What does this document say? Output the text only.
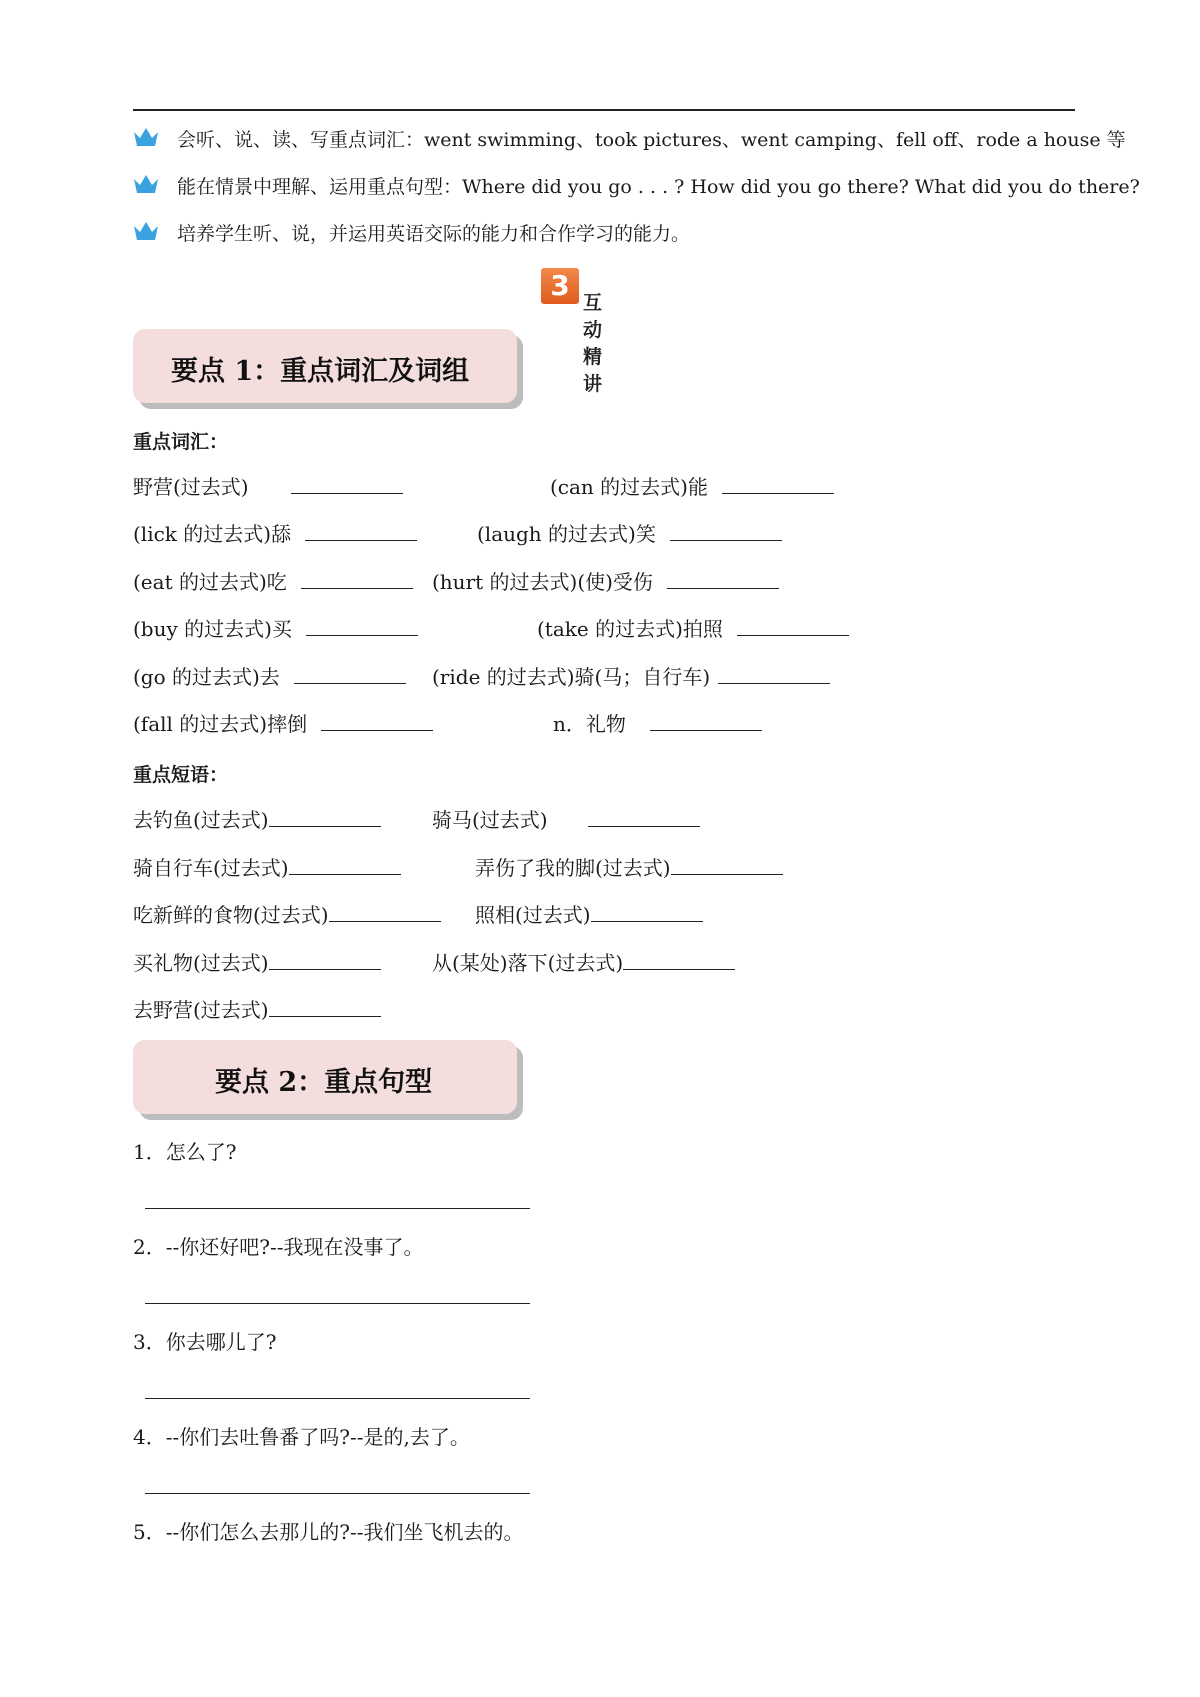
会听、说、读、写重点词汇：went swimming、took pictures、went camping、fell off、rode a house 等
能在情景中理解、运用重点句型：Where did you go . . . ? How did you go there? What did you do there?
培养学生听、说，并运用英语交际的能力和合作学习的能力。
3
互动精讲
要点 1：重点词汇及词组
重点词汇：
野营(过去式)	(can 的过去式)能
(lick 的过去式)舔	(laugh 的过去式)笑
(eat 的过去式)吃	(hurt 的过去式)(使)受伤
(buy 的过去式)买	(take 的过去式)拍照
(go 的过去式)去	(ride 的过去式)骑(马；自行车)
(fall 的过去式)摔倒	n．礼物
重点短语：
去钓鱼(过去式)	骑马(过去式)
骑自行车(过去式)	弄伤了我的脚(过去式)
吃新鲜的食物(过去式)	照相(过去式)
买礼物(过去式)	从(某处)落下(过去式)
去野营(过去式)
要点 2：重点句型
1．怎么了?
2．--你还好吧?--我现在没事了。
3．你去哪儿了?
4．--你们去吐鲁番了吗?--是的,去了。
5．--你们怎么去那儿的?--我们坐飞机去的。
